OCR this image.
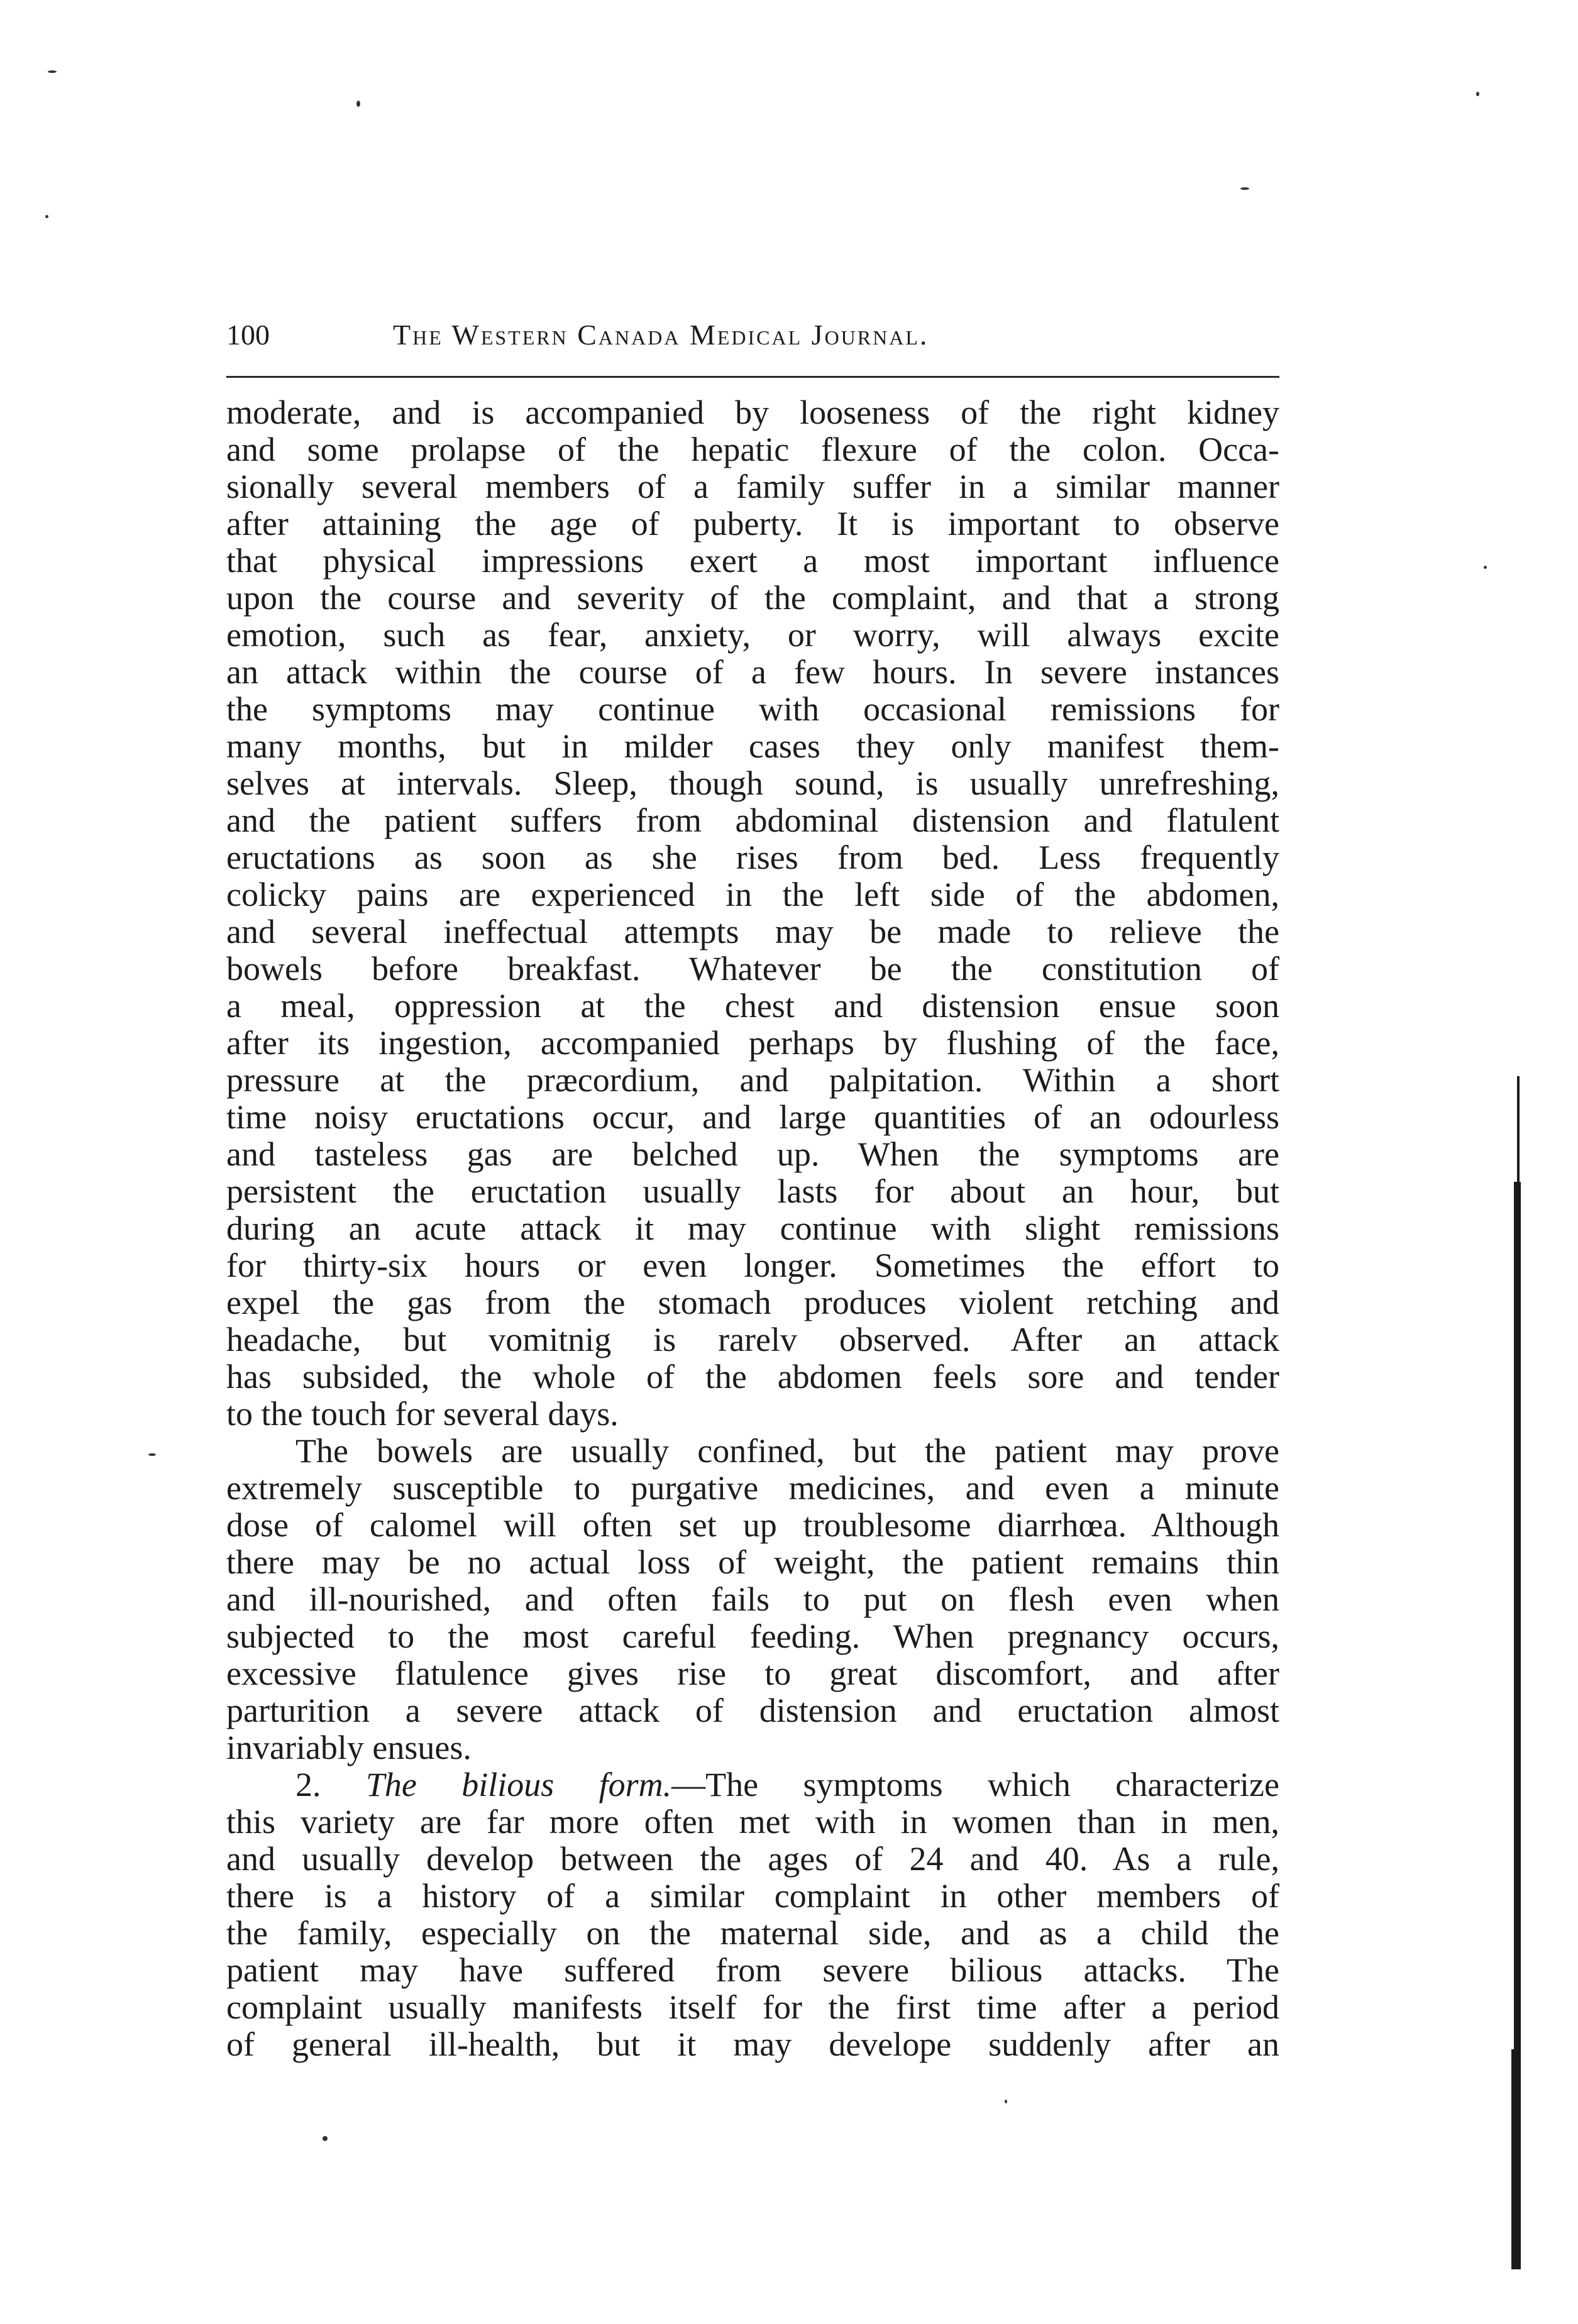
100	The Western Canada Medical Journal.
moderate, and is accompanied by looseness of the right kidney
and some prolapse of the hepatic flexure of the colon. Occa-
sionally several members of a family suffer in a similar manner
after attaining the age of puberty. It is important to observe
that physical impressions exert a most important influence
upon the course and severity of the complaint, and that a strong
emotion, such as fear, anxiety, or worry, will always excite
an attack within the course of a few hours. In severe instances
the symptoms may continue with occasional remissions for
many months, but in milder cases they only manifest them-
selves at intervals. Sleep, though sound, is usually unrefreshing,
and the patient suffers from abdominal distension and flatulent
eructations as soon as she rises from bed. Less frequently
colicky pains are experienced in the left side of the abdomen,
and several ineffectual attempts may be made to relieve the
bowels before breakfast. Whatever be the constitution of
a meal, oppression at the chest and distension ensue soon
after its ingestion, accompanied perhaps by flushing of the face,
pressure at the præcordium, and palpitation. Within a short
time noisy eructations occur, and large quantities of an odourless
and tasteless gas are belched up. When the symptoms are
persistent the eructation usually lasts for about an hour, but
during an acute attack it may continue with slight remissions
for thirty-six hours or even longer. Sometimes the effort to
expel the gas from the stomach produces violent retching and
headache, but vomitnig is rarelv observed. After an attack
has subsided, the whole of the abdomen feels sore and tender
to the touch for several days.
The bowels are usually confined, but the patient may prove
extremely susceptible to purgative medicines, and even a minute
dose of calomel will often set up troublesome diarrhœa. Although
there may be no actual loss of weight, the patient remains thin
and ill-nourished, and often fails to put on flesh even when
subjected to the most careful feeding. When pregnancy occurs,
excessive flatulence gives rise to great discomfort, and after
parturition a severe attack of distension and eructation almost
invariably ensues.
2. The bilious form.—The symptoms which characterize
this variety are far more often met with in women than in men,
and usually develop between the ages of 24 and 40. As a rule,
there is a history of a similar complaint in other members of
the family, especially on the maternal side, and as a child the
patient may have suffered from severe bilious attacks. The
complaint usually manifests itself for the first time after a period
of general ill-health, but it may develope suddenly after an
